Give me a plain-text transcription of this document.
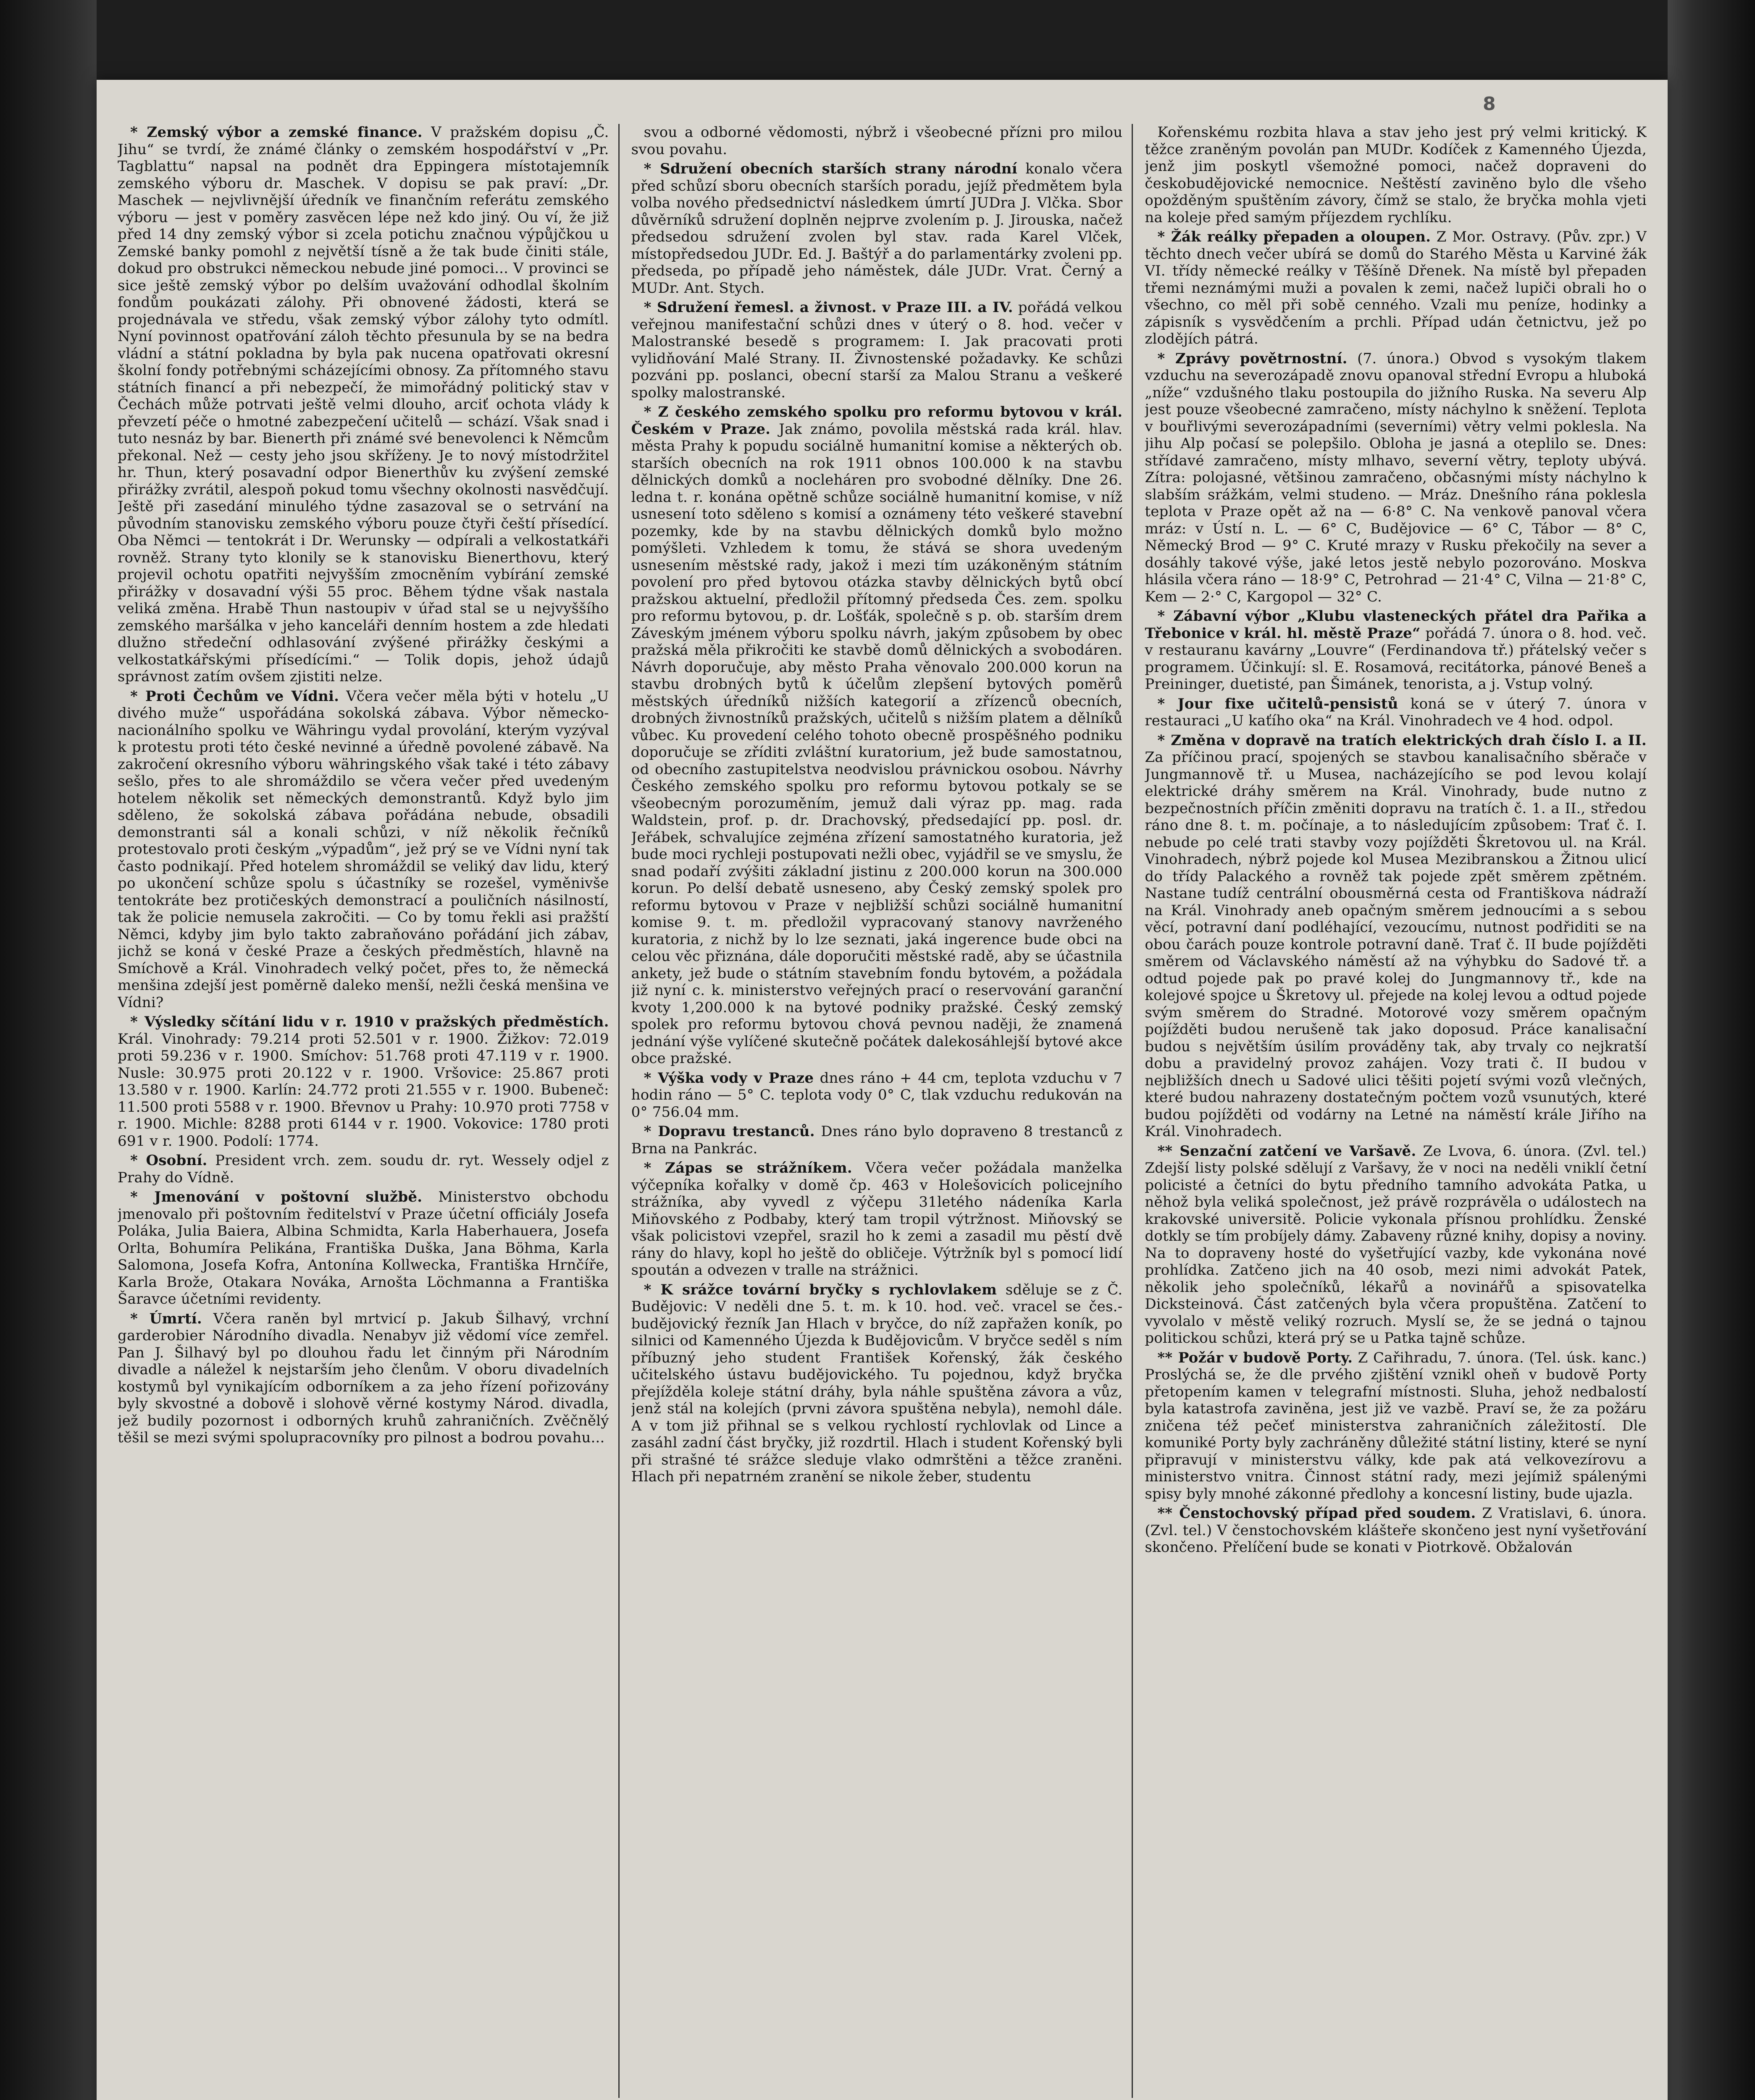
8

* Zemský výbor a zemské finance. V pražském dopisu „Č. Jihu“ se tvrdí, že známé články o zemském hospodářství v „Pr. Tagblattu“ napsal na podnět dra Eppingera místotajemník zemského výboru dr. Maschek. V dopisu se pak praví: „Dr. Maschek — nejvlivnější úředník ve finančním referátu zemského výboru — jest v poměry zasvěcen lépe než kdo jiný. Ou ví, že již před 14 dny zemský výbor si zcela potichu značnou výpůjčkou u Zemské banky pomohl z největší tísně a že tak bude činiti stále, dokud pro obstrukci německou nebude jiné pomoci... V provinci se sice ještě zemský výbor po delším uvažování odhodlal školním fondům poukázati zálohy. Při obnovené žádosti, která se projednávala ve středu, však zemský výbor zálohy tyto odmítl. Nyní povinnost opatřování záloh těchto přesunula by se na bedra vládní a státní pokladna by byla pak nucena opatřovati okresní školní fondy potřebnými scházejícími obnosy. Za přítomného stavu státních financí a při nebezpečí, že mimořádný politický stav v Čechách může potrvati ještě velmi dlouho, arciť ochota vlády k převzetí péče o hmotné zabezpečení učitelů — schází. Však snad i tuto nesnáz by bar. Bienerth při známé své benevolenci k Němcům překonal. Než — cesty jeho jsou skříženy. Je to nový místodržitel hr. Thun, který posavadní odpor Bienerthův ku zvýšení zemské přirážky zvrátil, alespoň pokud tomu všechny okolnosti nasvědčují. Ještě při zasedání minulého týdne zasazoval se o setrvání na původním stanovisku zemského výboru pouze čtyři čeští přísedící. Oba Němci — tentokrát i Dr. Werunsky — odpírali a velkostatkáři rovněž. Strany tyto klonily se k stanovisku Bienerthovu, který projevil ochotu opatřiti nejvyšším zmocněním vybírání zemské přirážky v dosavadní výši 55 proc. Během týdne však nastala veliká změna. Hrabě Thun nastoupiv v úřad stal se u nejvyššího zemského maršálka v jeho kanceláři denním hostem a zde hledati dlužno středeční odhlasování zvýšené přirážky českými a velkostatkářskými přísedícími.“ — Tolik dopis, jehož údajů správnost zatím ovšem zjistiti nelze.

* Proti Čechům ve Vídni. Včera večer měla býti v hotelu „U divého muže“ uspořádána sokolská zábava. Výbor německo-nacionálního spolku ve Währingu vydal provolání, kterým vyzýval k protestu proti této české nevinné a úředně povolené zábavě. Na zakročení okresního výboru währingského však také i této zábavy sešlo, přes to ale shromáždilo se včera večer před uvedeným hotelem několik set německých demonstrantů. Když bylo jim sděleno, že sokolská zábava pořádána nebude, obsadili demonstranti sál a konali schůzi, v níž několik řečníků protestovalo proti českým „výpadům“, jež prý se ve Vídni nyní tak často podnikají. Před hotelem shromáždil se veliký dav lidu, který po ukončení schůze spolu s účastníky se rozešel, vyměnivše tentokráte bez protičeských demonstrací a pouličních násilností, tak že policie nemusela zakročiti. — Co by tomu řekli asi pražští Němci, kdyby jim bylo takto zabraňováno pořádání jich zábav, jichž se koná v české Praze a českých předměstích, hlavně na Smíchově a Král. Vinohradech velký počet, přes to, že německá menšina zdejší jest poměrně daleko menší, nežli česká menšina ve Vídni?

* Výsledky sčítání lidu v r. 1910 v pražských předměstích. Král. Vinohrady: 79.214 proti 52.501 v r. 1900. Žižkov: 72.019 proti 59.236 v r. 1900. Smíchov: 51.768 proti 47.119 v r. 1900. Nusle: 30.975 proti 20.122 v r. 1900. Vršovice: 25.867 proti 13.580 v r. 1900. Karlín: 24.772 proti 21.555 v r. 1900. Bubeneč: 11.500 proti 5588 v r. 1900. Břevnov u Prahy: 10.970 proti 7758 v r. 1900. Michle: 8288 proti 6144 v r. 1900. Vokovice: 1780 proti 691 v r. 1900. Podolí: 1774.

* Osobní. President vrch. zem. soudu dr. ryt. Wessely odjel z Prahy do Vídně.

* Jmenování v poštovní službě. Ministerstvo obchodu jmenovalo při poštovním ředitelství v Praze účetní officiály Josefa Poláka, Julia Baiera, Albina Schmidta, Karla Haberhauera, Josefa Orlta, Bohumíra Pelikána, Františka Duška, Jana Böhma, Karla Salomona, Josefa Kofra, Antonína Kollwecka, Františka Hrnčíře, Karla Brože, Otakara Nováka, Arnošta Löchmanna a Františka Šaravce účetními revidenty.

* Úmrtí. Včera raněn byl mrtvicí p. Jakub Šilhavý, vrchní garderobier Národního divadla. Nenabyv již vědomí více zemřel. Pan J. Šilhavý byl po dlouhou řadu let činným při Národním divadle a náležel k nejstarším jeho členům. V oboru divadelních kostymů byl vynikajícím odborníkem a za jeho řízení pořizovány byly skvostné a dobově i slohově věrné kostymy Národ. divadla, jež budily pozornost i odborných kruhů zahraničních. Zvěčnělý těšil se mezi svými spolupracovníky pro pilnost a bodrou povahu...

svou a odborné vědomosti, nýbrž i všeobecné přízni pro milou svou povahu.

* Sdružení obecních starších strany národní konalo včera před schůzí sboru obecních starších poradu, jejíž předmětem byla volba nového předsednictví následkem úmrtí JUDra J. Vlčka. Sbor důvěrníků sdružení doplněn nejprve zvolením p. J. Jirouska, načež předsedou sdružení zvolen byl stav. rada Karel Vlček, místopředsedou JUDr. Ed. J. Baštýř a do parlamentárky zvoleni pp. předseda, po případě jeho náměstek, dále JUDr. Vrat. Černý a MUDr. Ant. Stych.

* Sdružení řemesl. a živnost. v Praze III. a IV. pořádá velkou veřejnou manifestační schůzi dnes v úterý o 8. hod. večer v Malostranské besedě s programem: I. Jak pracovati proti vylidňování Malé Strany. II. Živnostenské požadavky. Ke schůzi pozváni pp. poslanci, obecní starší za Malou Stranu a veškeré spolky malostranské.

* Z českého zemského spolku pro reformu bytovou v král. Českém v Praze. Jak známo, povolila městská rada král. hlav. města Prahy k popudu sociálně humanitní komise a některých ob. starších obecních na rok 1911 obnos 100.000 k na stavbu dělnických domků a nocleháren pro svobodné dělníky. Dne 26. ledna t. r. konána opětně schůze sociálně humanitní komise, v níž usnesení toto sděleno s komisí a oznámeny této veškeré stavební pozemky, kde by na stavbu dělnických domků bylo možno pomýšleti. Vzhledem k tomu, že stává se shora uvedeným usnesením městské rady, jakož i mezi tím uzákoněným státním povolení pro před bytovou otázka stavby dělnických bytů obcí pražskou aktuelní, předložil přítomný předseda Čes. zem. spolku pro reformu bytovou, p. dr. Lošťák, společně s p. ob. starším drem Záveským jménem výboru spolku návrh, jakým způsobem by obec pražská měla přikročiti ke stavbě domů dělnických a svobodáren. Návrh doporučuje, aby město Praha věnovalo 200.000 korun na stavbu drobných bytů k účelům zlepšení bytových poměrů městských úředníků nižších kategorií a zřízenců obecních, drobných živnostníků pražských, učitelů s nižším platem a dělníků vůbec. Ku provedení celého tohoto obecně prospěšného podniku doporučuje se zříditi zvláštní kuratorium, jež bude samostatnou, od obecního zastupitelstva neodvislou právnickou osobou. Návrhy Českého zemského spolku pro reformu bytovou potkaly se se všeobecným porozuměním, jemuž dali výraz pp. mag. rada Waldstein, prof. p. dr. Drachovský, předsedající pp. posl. dr. Jeřábek, schvalujíce zejména zřízení samostatného kuratoria, jež bude moci rychleji postupovati nežli obec, vyjádřil se ve smyslu, že snad podaří zvýšiti základní jistinu z 200.000 korun na 300.000 korun. Po delší debatě usneseno, aby Český zemský spolek pro reformu bytovou v Praze v nejbližší schůzi sociálně humanitní komise 9. t. m. předložil vypracovaný stanovy navrženého kuratoria, z nichž by lo lze seznati, jaká ingerence bude obci na celou věc přiznána, dále doporučiti městské radě, aby se účastnila ankety, jež bude o státním stavebním fondu bytovém, a požádala již nyní c. k. ministerstvo veřejných prací o reservování garanční kvoty 1,200.000 k na bytové podniky pražské. Český zemský spolek pro reformu bytovou chová pevnou naději, že znamená jednání výše vylíčené skutečně počátek dalekosáhlejší bytové akce obce pražské.

* Výška vody v Praze dnes ráno + 44 cm, teplota vzduchu v 7 hodin ráno — 5° C. teplota vody 0° C, tlak vzduchu redukován na 0° 756.04 mm.

* Dopravu trestanců. Dnes ráno bylo dopraveno 8 trestanců z Brna na Pankrác.

* Zápas se strážníkem. Včera večer požádala manželka výčepníka kořalky v domě čp. 463 v Holešovicích policejního strážníka, aby vyvedl z výčepu 31letého nádeníka Karla Miňovského z Podbaby, který tam tropil výtržnost. Miňovský se však policistovi vzepřel, srazil ho k zemi a zasadil mu pěstí dvě rány do hlavy, kopl ho ještě do obličeje. Výtržník byl s pomocí lidí spoután a odvezen v tralle na strážnici.

* K srážce tovární bryčky s rychlovlakem sděluje se z Č. Budějovic: V neděli dne 5. t. m. k 10. hod. več. vracel se čes.-budějovický řezník Jan Hlach v bryčce, do níž zapřažen koník, po silnici od Kamenného Újezda k Budějovicům. V bryčce seděl s ním příbuzný jeho student František Kořenský, žák českého učitelského ústavu budějovického. Tu pojednou, když bryčka přejížděla koleje státní dráhy, byla náhle spuštěna závora a vůz, jenž stál na kolejích (prvni závora spuštěna nebyla), nemohl dále. A v tom již přihnal se s velkou rychlostí rychlovlak od Lince a zasáhl zadní část bryčky, již rozdrtil. Hlach i student Kořenský byli při strašné té srážce sleduje vlako odmrštěni a těžce zraněni. Hlach při nepatrném zranění se nikole žeber, studentu

Kořenskému rozbita hlava a stav jeho jest prý velmi kritický. K těžce zraněným povolán pan MUDr. Kodíček z Kamenného Újezda, jenž jim poskytl všemožné pomoci, načež dopraveni do českobudějovické nemocnice. Neštěstí zaviněno bylo dle všeho opožděným spuštěním závory, čímž se stalo, že bryčka mohla vjeti na koleje před samým příjezdem rychlíku.

* Žák reálky přepaden a oloupen. Z Mor. Ostravy. (Pův. zpr.) V těchto dnech večer ubírá se domů do Starého Města u Karviné žák VI. třídy německé reálky v Těšíně Dřenek. Na místě byl přepaden třemi neznámými muži a povalen k zemi, načež lupiči obrali ho o všechno, co měl při sobě cenného. Vzali mu peníze, hodinky a zápisník s vysvědčením a prchli. Případ udán četnictvu, jež po zlodějích pátrá.

* Zprávy povětrnostní. (7. února.) Obvod s vysokým tlakem vzduchu na severozápadě znovu opanoval střední Evropu a hluboká „níže“ vzdušného tlaku postoupila do jižního Ruska. Na severu Alp jest pouze všeobecné zamračeno, místy náchylno k sněžení. Teplota v bouřlivými severozápadními (severními) větry velmi poklesla. Na jihu Alp počasí se polepšilo. Obloha je jasná a oteplilo se. Dnes: střídavé zamračeno, místy mlhavo, severní větry, teploty ubývá. Zítra: polojasné, většinou zamračeno, občasnými místy náchylno k slabším srážkám, velmi studeno. — Mráz. Dnešního rána poklesla teplota v Praze opět až na — 6·8° C. Na venkově panoval včera mráz: v Ústí n. L. — 6° C, Budějovice — 6° C, Tábor — 8° C, Německý Brod — 9° C. Kruté mrazy v Rusku překočily na sever a dosáhly takové výše, jaké letos jestě nebylo pozorováno. Moskva hlásila včera ráno — 18·9° C, Petrohrad — 21·4° C, Vilna — 21·8° C, Kem — 2·° C, Kargopol — 32° C.

* Zábavní výbor „Klubu vlasteneckých přátel dra Pařika a Třebonice v král. hl. městě Praze“ pořádá 7. února o 8. hod. več. v restauranu kavárny „Louvre“ (Ferdinandova tř.) přátelský večer s programem. Účinkují: sl. E. Rosamová, recitátorka, pánové Beneš a Preininger, duetisté, pan Šimánek, tenorista, a j. Vstup volný.

* Jour fixe učitelů-pensistů koná se v úterý 7. února v restauraci „U kaťího oka“ na Král. Vinohradech ve 4 hod. odpol.

* Změna v dopravě na tratích elektrických drah číslo I. a II. Za příčinou prací, spojených se stavbou kanalisačního sběrače v Jungmannově tř. u Musea, nacházejícího se pod levou kolají elektrické dráhy směrem na Král. Vinohrady, bude nutno z bezpečnostních příčin změniti dopravu na tratích č. 1. a II., středou ráno dne 8. t. m. počínaje, a to následujícím způsobem: Trať č. I. nebude po celé trati stavby vozy pojížděti Škretovou ul. na Král. Vinohradech, nýbrž pojede kol Musea Mezibranskou a Žitnou ulicí do třídy Palackého a rovněž tak pojede zpět směrem zpětném. Nastane tudíž centrální obousměrná cesta od Františkova nádraží na Král. Vinohrady aneb opačným směrem jednoucími a s sebou věcí, potravní daní podléhající, vezoucímu, nutnost podřiditi se na obou čarách pouze kontrole potravní daně. Trať č. II bude pojížděti směrem od Václavského náměstí až na výhybku do Sadové tř. a odtud pojede pak po pravé kolej do Jungmannovy tř., kde na kolejové spojce u Škretovy ul. přejede na kolej levou a odtud pojede svým směrem do Stradné. Motorové vozy směrem opačným pojížděti budou nerušeně tak jako doposud. Práce kanalisační budou s největším úsilím prováděny tak, aby trvaly co nejkratší dobu a pravidelný provoz zahájen. Vozy trati č. II budou v nejbližších dnech u Sadové ulici těšiti pojetí svými vozů vlečných, které budou nahrazeny dostatečným počtem vozů vsunutých, které budou pojížděti od vodárny na Letné na náměstí krále Jiřího na Král. Vinohradech.

** Senzační zatčení ve Varšavě. Ze Lvova, 6. února. (Zvl. tel.) Zdejší listy polské sdělují z Varšavy, že v noci na neděli vniklí četní policisté a četníci do bytu předního tamního advokáta Patka, u něhož byla veliká společnost, jež právě rozprávěla o událostech na krakovské universitě. Policie vykonala přísnou prohlídku. Ženské dotkly se tím probíjely dámy. Zabaveny různé knihy, dopisy a noviny. Na to dopraveny hosté do vyšetřující vazby, kde vykonána nové prohlídka. Zatčeno jich na 40 osob, mezi nimi advokát Patek, několik jeho společníků, lékařů a novinářů a spisovatelka Dicksteinová. Část zatčených byla včera propuštěna. Zatčení to vyvolalo v městě veliký rozruch. Myslí se, že se jedná o tajnou politickou schůzi, která prý se u Patka tajně schůze.

** Požár v budově Porty. Z Cařihradu, 7. února. (Tel. úsk. kanc.) Proslýchá se, že dle prvého zjištění vznikl oheň v budově Porty přetopením kamen v telegrafní místnosti. Sluha, jehož nedbalostí byla katastrofa zaviněna, jest již ve vazbě. Praví se, že za požáru zničena též pečeť ministerstva zahraničních záležitostí. Dle komuniké Porty byly zachráněny důležité státní listiny, které se nyní připravují v ministerstvu války, kde pak atá velkovezírovu a ministerstvo vnitra. Činnost státní rady, mezi jejímiž spálenými spisy byly mnohé zákonné předlohy a koncesní listiny, bude ujazla.

** Čenstochovský případ před soudem. Z Vratislavi, 6. února. (Zvl. tel.) V čenstochovském klášteře skončeno jest nyní vyšetřování skončeno. Přelíčení bude se konati v Piotrkově. Obžalován
